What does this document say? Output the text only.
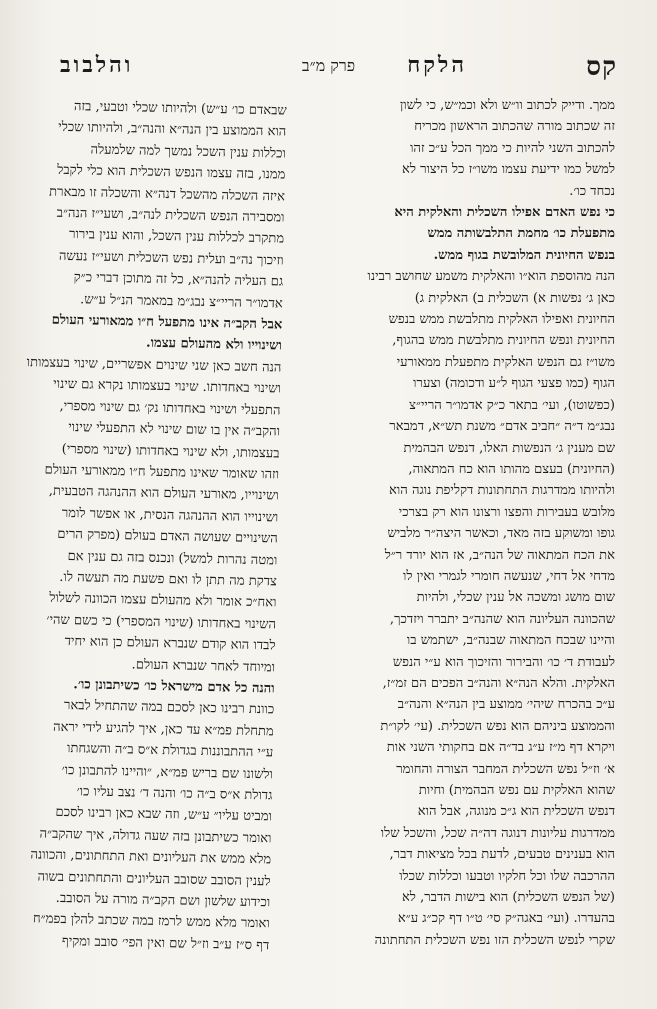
קס
הלקח
פרק מ״ב
והלבוב

ממך. ודייק לכתוב וו״ש ולא וכמ״ש, כי לשון

זה שכתוב מורה שהכתוב הראשון מכריח

להכתוב השני להיות כי ממך הכל ע״כ זהו

למשל כמו ידיעת עצמו משו״ז כל היצור לא

נכחד כו׳.

כי נפש האדם אפילו השכלית והאלקית היא

מתפעלת כו׳ מחמת התלבשותה ממש

בנפש החיונית המלובשת בגוף ממש.

הנה מהוספת הוא״ו והאלקית משמע שחושב רבינו

כאן ג׳ נפשות א) השכלית ב) האלקית ג)

החיונית ואפילו האלקית מתלבשת ממש בנפש

החיונית ונפש החיונית מתלבשת ממש בהגוף,

משו״ז גם הנפש האלקית מתפעלת ממאורעי

הגוף (כמו פצעי הגוף ל״ע ודכומה) וצערו

(כפשוטו), ועי׳ בתאר כ״ק אדמו״ר הריי״צ

נבג״מ ד״ה ״חביב אדם״ משנת תש״א, דמבאר

שם מענין ג׳ הנפשות האלו, דנפש הבהמית

(החיונית) בעצם מהותו הוא כח המתאוה,

ולהיותו ממדרגות התחתונות דקליפת נוגה הוא

מלובש בעבירות והפצו ורצונו הוא רק בצרכי

גופו ומשוקע בזה מאד, וכאשר היצה״ר מלביש

את הכח המתאוה של הנה״ב, אז הוא יורד ר״ל

מדחי אל דחי, שנעשה חומרי לגמרי ואין לו

שום מושג ומשכה אל ענין שכלי, ולהיות

שהכוונה העליונה הוא שהנה״ב יתברר ויזדכך,

והיינו שבכח המתאוה שבנה״ב, ישתמש בו

לעבודת ד׳ כו׳ והבירור והזיכוך הוא ע״י הנפש

האלקית. והלא הנה״א והנה״ב הפכים הם זמ״ז,

ע״כ בהכרח שיהי׳ ממוצע בין הנה״א והנה״ב

והממוצע ביניהם הוא נפש השכלית. (עי׳ לקו״ת

ויקרא דף מ״ז ע״ג בד״ה אם בחקותי השני אות

א׳ וז״ל נפש השכלית המחבר הצורה והחומר

שהוא האלקית עם נפש הבהמית) וחיות

דנפש השכלית הוא ג״כ מנוגה, אבל הוא

ממדרגות עליונות דנוגה דה״ה שכל, והשכל שלו

הוא בענינים טבעים, לדעת בכל מציאות דבר,

ההרכבה שלו וכל חלקיו וטבעו וכללות שכלו

(של הנפש השכלית) הוא בישות הדבר, לא

בהעדרו. (ועי׳ באגה״ק סי׳ ט״ו דף קכ״ג ע״א

שקרי לנפש השכלית הזו נפש השכלית התחתונה

שבאדם כו׳ ע״ש) ולהיותו שכלי וטבעי, בזה

הוא הממוצע בין הנה״א והנה״ב, ולהיותו שכלי

וכללות ענין השכל נמשך למה שלמעלה

ממנו, בזה עצמו הנפש השכלית הוא כלי לקבל

איזה השכלה מהשכל דנה״א והשכלה זו מבארת

ומסבירה הנפש השכלית לנה״ב, ושעי״ז הנה״ב

מתקרב לכללות ענין השכל, והוא ענין בירור

וזיכוך נה״ב ועלית נפש השכלית ושעי״ז נעשה

גם העליה להנה״א, כל זה מתוכן דברי כ״ק

אדמו״ר הריי״צ נבג״מ במאמר הנ״ל ע״ש.

אבל הקב״ה אינו מתפעל ח״ו ממאורעי העולם

ושינוייו ולא מהעולם עצמו.

הנה חשב כאן שני שינוים אפשריים, שינוי בעצמותו

ושינוי באחדותו. שינוי בעצמותו נקרא גם שינוי

התפעלי ושינוי באחדותו נק׳ גם שינוי מספרי,

והקב״ה אין בו שום שינוי לא התפעלי שינוי

בעצמותו, ולא שינוי באחדותו (שינוי מספרי)

וזהו שאומר שאינו מתפעל ח״ו ממאורעי העולם

ושינוייו, מאורעי העולם הוא ההנהגה הטבעית,

ושינוייו הוא ההנהגה הנסית, או אפשר לומר

השינויים שעושה האדם בעולם (מפרק הרים

ומטה נהרות למשל) ונכנס בזה גם ענין אם

צדקת מה תתן לו ואם פשעת מה תעשה לו.

ואח״כ אומר ולא מהעולם עצמו הכוונה לשלול

השינוי באחדותו (שינוי המספרי) כי כשם שהי׳

לבדו הוא קודם שנברא העולם כן הוא יחיד

ומיוחד לאחר שנברא העולם.

והנה כל אדם מישראל כו׳ כשיתבונן כו׳.

כוונת רבינו כאן לסכם במה שהתחיל לבאר

מתחלת פמ״א עד כאן, איך להגיע לידי יראה

ע״י ההתבוננות בגדולת א״ס ב״ה והשגחתו

ולשונו שם בריש פמ״א, ״והיינו להתבונן כו׳

גדולת א״ס ב״ה כו׳ והנה ד׳ נצב עליו כו׳

ומביט עליו״ ע״ש, וזה שבא כאן רבינו לסכם

ואומר כשיתבונן בזה שעה גדולה, איך שהקב״ה

מלא ממש את העליונים ואת התחתונים, והכוונה

לענין הסובב שסובב העליונים והתחתונים בשוה

וכידוע שלשון ושם הקב״ה מורה על הסובב.

ואומר מלא ממש לרמז במה שכתב להלן בפמ״ח

דף ס״ז ע״ב וז״ל שם ואין הפי׳ סובב ומקיף
